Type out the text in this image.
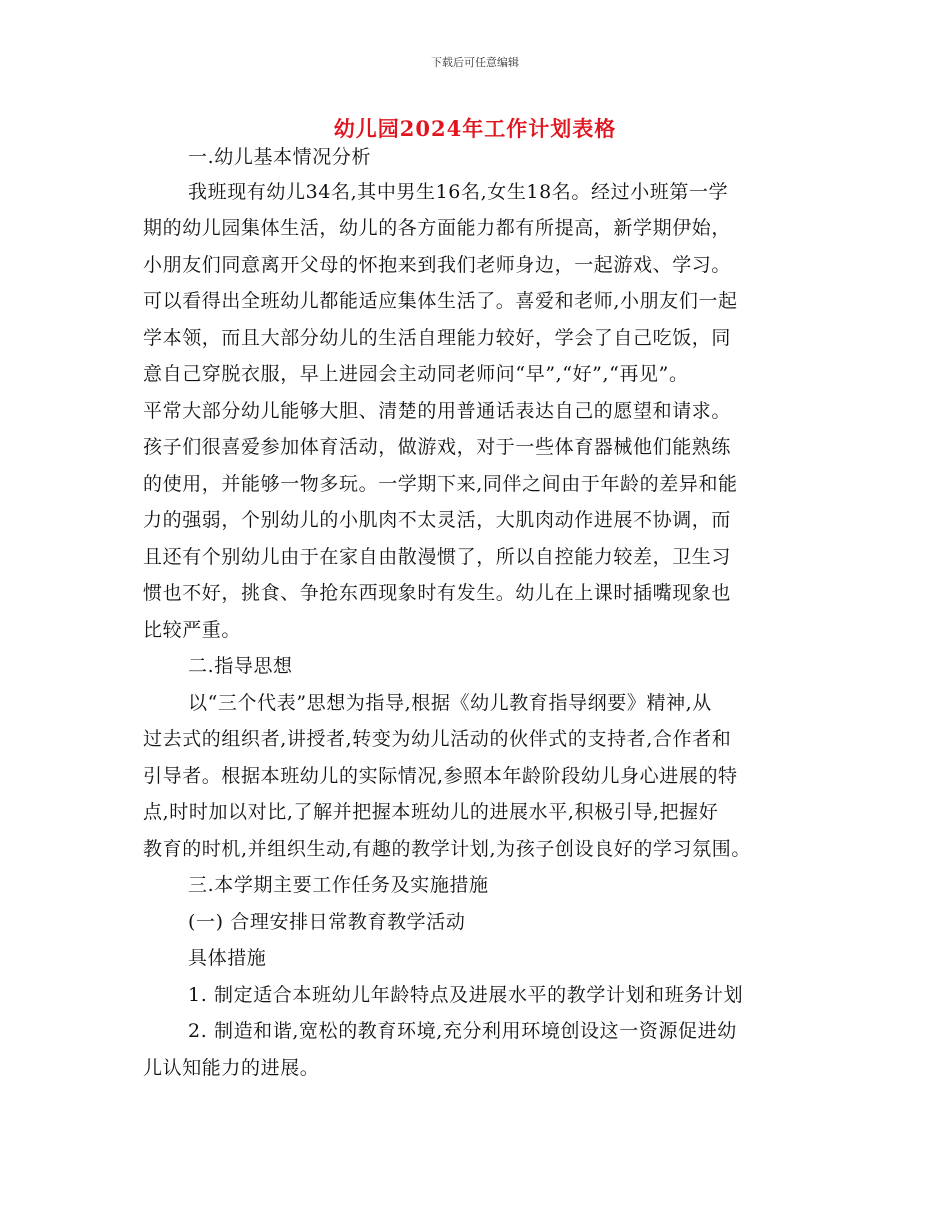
下载后可任意编辑
幼儿园2024年工作计划表格
一.幼儿基本情况分析
我班现有幼儿34名,其中男生16名,女生18名。经过小班第一学
期的幼儿园集体生活，幼儿的各方面能力都有所提高，新学期伊始，
小朋友们同意离开父母的怀抱来到我们老师身边，一起游戏、学习。
可以看得出全班幼儿都能适应集体生活了。喜爱和老师,小朋友们一起
学本领，而且大部分幼儿的生活自理能力较好，学会了自己吃饭，同
意自己穿脱衣服，早上进园会主动同老师问“早”,“好”,“再见”。
平常大部分幼儿能够大胆、清楚的用普通话表达自己的愿望和请求。
孩子们很喜爱参加体育活动，做游戏，对于一些体育器械他们能熟练
的使用，并能够一物多玩。一学期下来,同伴之间由于年龄的差异和能
力的强弱，个别幼儿的小肌肉不太灵活，大肌肉动作进展不协调，而
且还有个别幼儿由于在家自由散漫惯了，所以自控能力较差，卫生习
惯也不好，挑食、争抢东西现象时有发生。幼儿在上课时插嘴现象也
比较严重。
二.指导思想
以“三个代表”思想为指导,根据《幼儿教育指导纲要》精神,从
过去式的组织者,讲授者,转变为幼儿活动的伙伴式的支持者,合作者和
引导者。根据本班幼儿的实际情况,参照本年龄阶段幼儿身心进展的特
点,时时加以对比,了解并把握本班幼儿的进展水平,积极引导,把握好
教育的时机,并组织生动,有趣的教学计划,为孩子创设良好的学习氛围。
三.本学期主要工作任务及实施措施
(一) 合理安排日常教育教学活动
具体措施
1. 制定适合本班幼儿年龄特点及进展水平的教学计划和班务计划
2. 制造和谐,宽松的教育环境,充分利用环境创设这一资源促进幼
儿认知能力的进展。
